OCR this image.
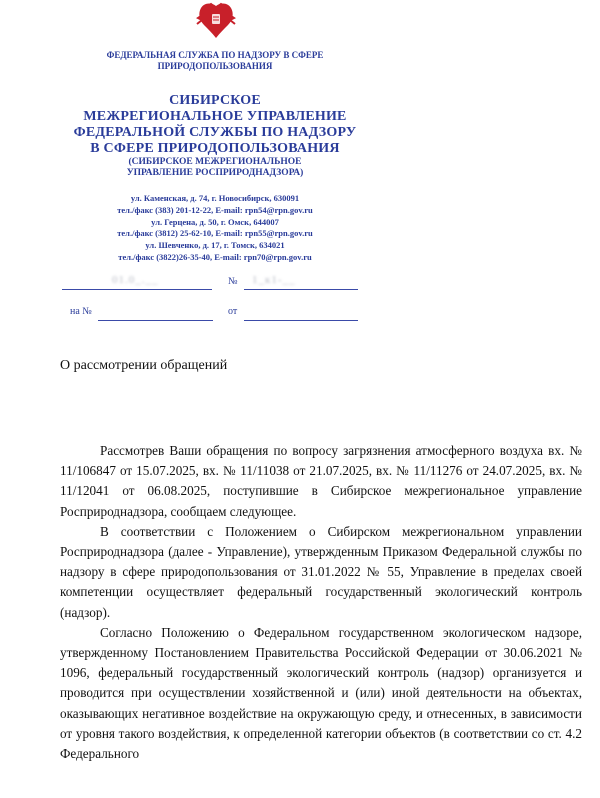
ФЕДЕРАЛЬНАЯ СЛУЖБА ПО НАДЗОРУ В СФЕРЕ
ПРИРОДОПОЛЬЗОВАНИЯ
СИБИРСКОЕ
МЕЖРЕГИОНАЛЬНОЕ УПРАВЛЕНИЕ
ФЕДЕРАЛЬНОЙ СЛУЖБЫ ПО НАДЗОРУ
В СФЕРЕ ПРИРОДОПОЛЬЗОВАНИЯ
(СИБИРСКОЕ МЕЖРЕГИОНАЛЬНОЕ
УПРАВЛЕНИЕ РОСПРИРОДНАДЗОРА)
ул. Каменская, д. 74, г. Новосибирск, 630091
тел./факс (383) 201-12-22, E-mail: rpn54@rpn.gov.ru
ул. Герцена, д. 50, г. Омск, 644007
тел./факс (3812) 25-62-10, E-mail: rpn55@rpn.gov.ru
ул. Шевченко, д. 17, г. Томск, 634021
тел./факс (3822)26-35-40, E-mail: rpn70@rpn.gov.ru
01.0_.__	№ 1_к1-__
на №	от
О рассмотрении обращений

Рассмотрев Ваши обращения по вопросу загрязнения атмосферного воздуха вх. № 11/106847 от 15.07.2025, вх. № 11/11038 от 21.07.2025, вх. № 11/11276 от 24.07.2025, вх. № 11/12041 от 06.08.2025, поступившие в Сибирское межрегиональное управление Росприроднадзора, сообщаем следующее.

В соответствии с Положением о Сибирском межрегиональном управлении Росприроднадзора (далее - Управление), утвержденным Приказом Федеральной службы по надзору в сфере природопользования от 31.01.2022 № 55, Управление в пределах своей компетенции осуществляет федеральный государственный экологический контроль (надзор).

Согласно Положению о Федеральном государственном экологическом надзоре, утвержденному Постановлением Правительства Российской Федерации от 30.06.2021 № 1096, федеральный государственный экологический контроль (надзор) организуется и проводится при осуществлении хозяйственной и (или) иной деятельности на объектах, оказывающих негативное воздействие на окружающую среду, и отнесенных, в зависимости от уровня такого воздействия, к определенной категории объектов (в соответствии со ст. 4.2 Федерального
